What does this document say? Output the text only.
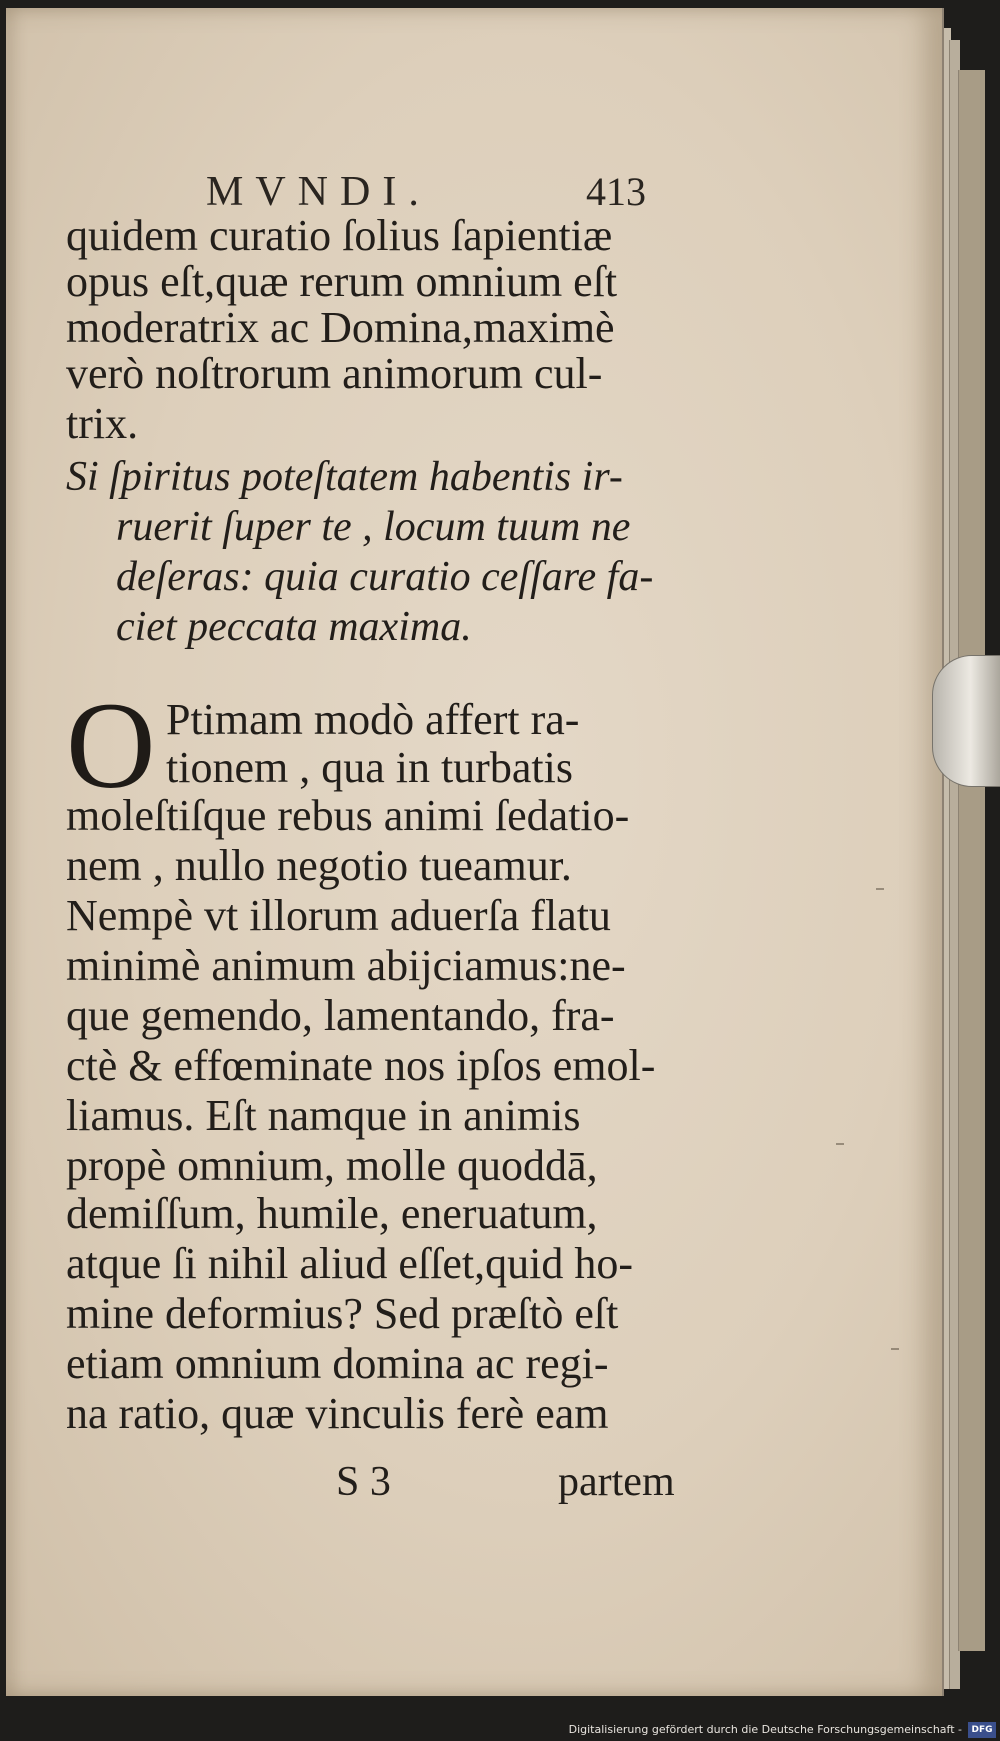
MVNDI.	413
quidem curatio ſolius ſapientiæ
opus eſt,quæ rerum omnium eſt
moderatrix ac Domina,maximè
verò noſtrorum animorum cul-
trix.
Si ſpiritus poteſtatem habentis ir-
ruerit ſuper te , locum tuum ne
deſeras: quia curatio ceſſare fa-
ciet peccata maxima.
O Ptimam modò affert ra-
tionem , qua in turbatis
moleſtiſque rebus animi ſedatio-
nem , nullo negotio tueamur.
Nempè vt illorum aduerſa flatu
minimè animum abijciamus:ne-
que gemendo, lamentando, fra-
ctè & effœminate nos ipſos emol-
liamus. Eſt namque in animis
propè omnium, molle quoddā,
demiſſum, humile, eneruatum,
atque ſi nihil aliud eſſet,quid ho-
mine deformius? Sed præſtò eſt
etiam omnium domina ac regi-
na ratio, quæ vinculis ferè eam
S 3	partem
Digitalisierung gefördert durch die Deutsche Forschungsgemeinschaft -	DFG
